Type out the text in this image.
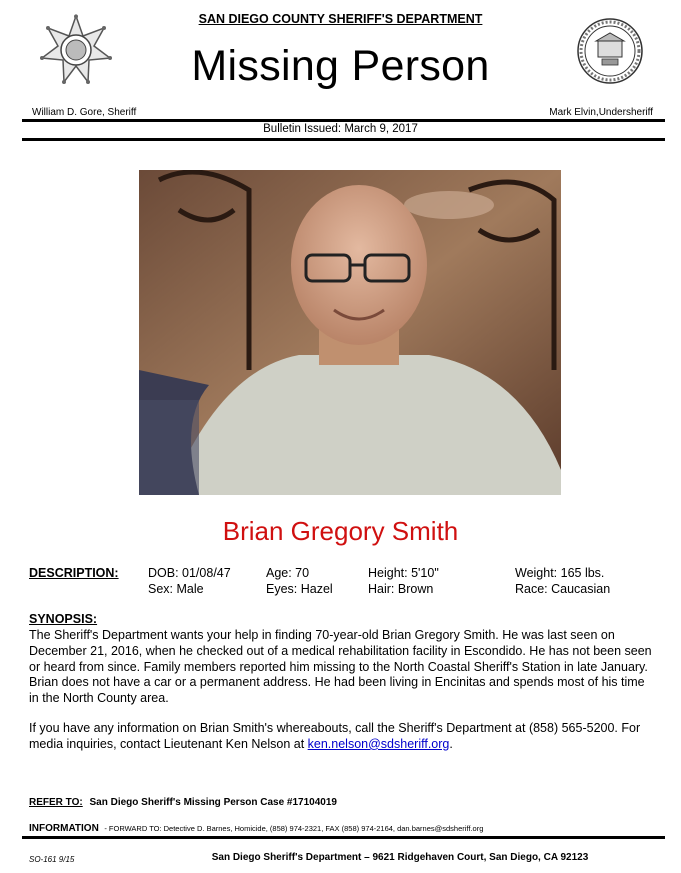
SAN DIEGO COUNTY SHERIFF'S DEPARTMENT
Missing Person
William D. Gore, Sheriff	Mark Elvin,Undersheriff
Bulletin Issued: March 9, 2017
Brian Gregory Smith
DESCRIPTION: DOB: 01/08/47	Age: 70	Height: 5'10"	Weight: 165 lbs.
Sex: Male	Eyes: Hazel	Hair: Brown	Race: Caucasian
SYNOPSIS:
The Sheriff's Department wants your help in finding 70-year-old Brian Gregory Smith. He was last seen on December 21, 2016, when he checked out of a medical rehabilitation facility in Escondido. He has not been seen or heard from since. Family members reported him missing to the North Coastal Sheriff's Station in late January. Brian does not have a car or a permanent address. He had been living in Encinitas and spends most of his time in the North County area.
If you have any information on Brian Smith's whereabouts, call the Sheriff's Department at (858) 565-5200. For media inquiries, contact Lieutenant Ken Nelson at ken.nelson@sdsheriff.org.
REFER TO: San Diego Sheriff's Missing Person Case #17104019
INFORMATION - FORWARD TO: Detective D. Barnes, Homicide, (858) 974-2321, FAX (858) 974-2164, dan.barnes@sdsheriff.org
SO-161 9/15	San Diego Sheriff's Department – 9621 Ridgehaven Court, San Diego, CA 92123
